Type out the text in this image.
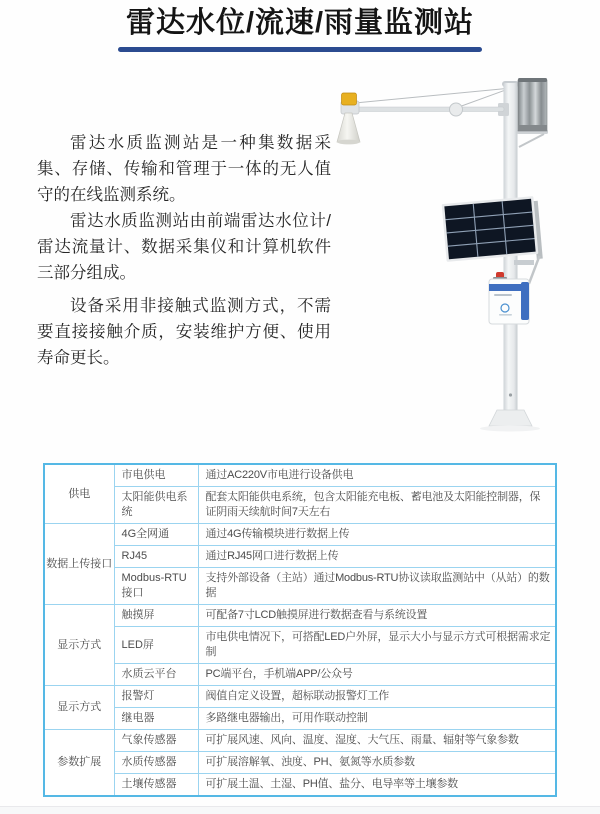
雷达水位/流速/雨量监测站

雷达水质监测站是一种集数据采集、存储、传输和管理于一体的无人值守的在线监测系统。

雷达水质监测站由前端雷达水位计/雷达流量计、数据采集仪和计算机软件三部分组成。

设备采用非接触式监测方式，不需要直接接触介质，安装维护方便、使用寿命更长。

供电	市电供电	通过AC220V市电进行设备供电
	太阳能供电系统	配套太阳能供电系统，包含太阳能充电板、蓄电池及太阳能控制器，保证阴雨天续航时间7天左右
数据上传接口	4G全网通	通过4G传输模块进行数据上传
	RJ45	通过RJ45网口进行数据上传
	Modbus-RTU接口	支持外部设备（主站）通过Modbus-RTU协议读取监测站中（从站）的数据
显示方式	触摸屏	可配备7寸LCD触摸屏进行数据查看与系统设置
	LED屏	市电供电情况下，可搭配LED户外屏，显示大小与显示方式可根据需求定制
	水质云平台	PC端平台，手机端APP/公众号
显示方式	报警灯	阀值自定义设置，超标联动报警灯工作
	继电器	多路继电器输出，可用作联动控制
参数扩展	气象传感器	可扩展风速、风向、温度、湿度、大气压、雨量、辐射等气象参数
	水质传感器	可扩展溶解氧、浊度、PH、氨氮等水质参数
	土壤传感器	可扩展土温、土湿、PH值、盐分、电导率等土壤参数
